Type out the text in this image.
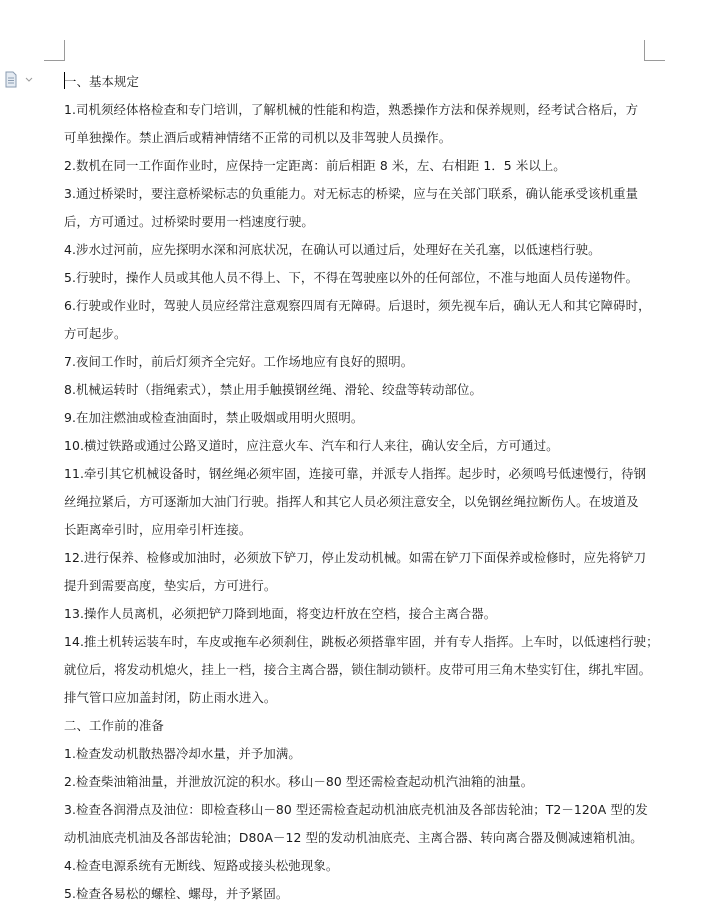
一、基本规定
1.司机须经体格检查和专门培训，了解机械的性能和构造，熟悉操作方法和保养规则，经考试合格后，方
可单独操作。禁止酒后或精神情绪不正常的司机以及非驾驶人员操作。
2.数机在同一工作面作业时，应保持一定距离：前后相距 8 米，左、右相距 1．5 米以上。
3.通过桥梁时，要注意桥梁标志的负重能力。对无标志的桥梁，应与在关部门联系，确认能承受该机重量
后，方可通过。过桥梁时要用一档速度行驶。
4.涉水过河前，应先探明水深和河底状况，在确认可以通过后，处理好在关孔塞，以低速档行驶。
5.行驶时，操作人员或其他人员不得上、下，不得在驾驶座以外的任何部位，不准与地面人员传递物件。
6.行驶或作业时，驾驶人员应经常注意观察四周有无障碍。后退时，须先视车后，确认无人和其它障碍时，
方可起步。
7.夜间工作时，前后灯须齐全完好。工作场地应有良好的照明。
8.机械运转时（指绳索式），禁止用手触摸钢丝绳、滑轮、绞盘等转动部位。
9.在加注燃油或检查油面时，禁止吸烟或用明火照明。
10.横过铁路或通过公路叉道时，应注意火车、汽车和行人来往，确认安全后，方可通过。
11.牵引其它机械设备时，钢丝绳必须牢固，连接可靠，并派专人指挥。起步时，必须鸣号低速慢行，待钢
丝绳拉紧后，方可逐渐加大油门行驶。指挥人和其它人员必须注意安全，以免钢丝绳拉断伤人。在坡道及
长距离牵引时，应用牵引杆连接。
12.进行保养、检修或加油时，必须放下铲刀，停止发动机械。如需在铲刀下面保养或检修时，应先将铲刀
提升到需要高度，垫实后，方可进行。
13.操作人员离机，必须把铲刀降到地面，将变边杆放在空档，接合主离合器。
14.推土机转运装车时，车皮或拖车必须刹住，跳板必须搭靠牢固，并有专人指挥。上车时，以低速档行驶；
就位后，将发动机熄火，挂上一档，接合主离合器，锁住制动锁杆。皮带可用三角木垫实钉住，绑扎牢固。
排气管口应加盖封闭，防止雨水进入。
二、工作前的准备
1.检查发动机散热器冷却水量，并予加满。
2.检查柴油箱油量，并泄放沉淀的积水。移山－80 型还需检查起动机汽油箱的油量。
3.检查各润滑点及油位：即检查移山－80 型还需检查起动机油底壳机油及各部齿轮油；T2－120A 型的发
动机油底壳机油及各部齿轮油；D80A－12 型的发动机油底壳、主离合器、转向离合器及侧减速箱机油。
4.检查电源系统有无断线、短路或接头松弛现象。
5.检查各易松的螺栓、螺母，并予紧固。
